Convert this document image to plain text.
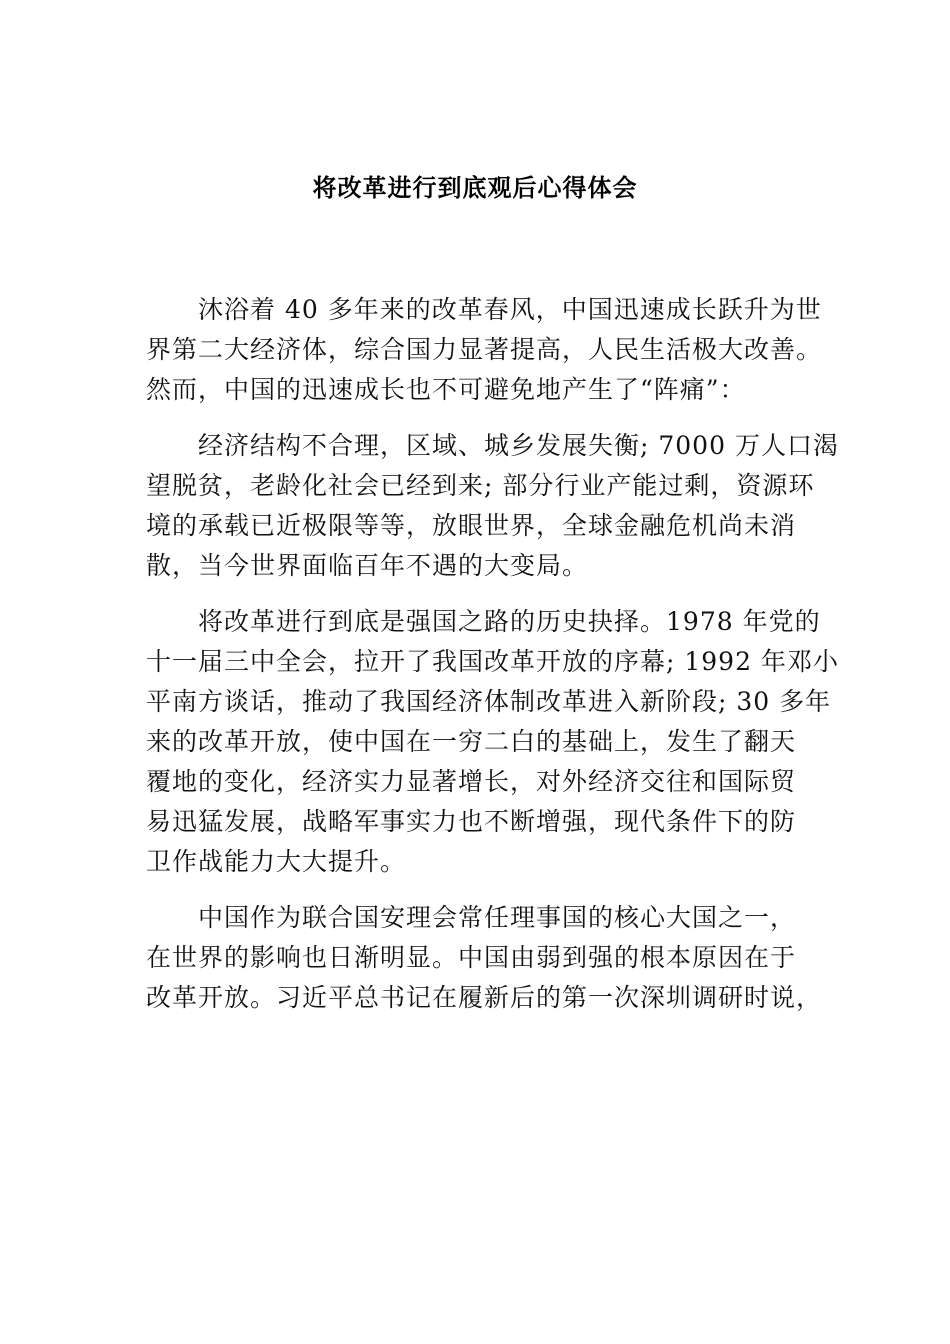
将改革进行到底观后心得体会
沐浴着 40 多年来的改革春风，中国迅速成长跃升为世
界第二大经济体，综合国力显著提高，人民生活极大改善。
然而，中国的迅速成长也不可避免地产生了“阵痛”：
经济结构不合理，区域、城乡发展失衡; 7000 万人口渴
望脱贫，老龄化社会已经到来; 部分行业产能过剩，资源环
境的承载已近极限等等，放眼世界，全球金融危机尚未消
散，当今世界面临百年不遇的大变局。
将改革进行到底是强国之路的历史抉择。1978 年党的
十一届三中全会，拉开了我国改革开放的序幕; 1992 年邓小
平南方谈话，推动了我国经济体制改革进入新阶段; 30 多年
来的改革开放，使中国在一穷二白的基础上，发生了翻天
覆地的变化，经济实力显著增长，对外经济交往和国际贸
易迅猛发展，战略军事实力也不断增强，现代条件下的防
卫作战能力大大提升。
中国作为联合国安理会常任理事国的核心大国之一，
在世界的影响也日渐明显。中国由弱到强的根本原因在于
改革开放。习近平总书记在履新后的第一次深圳调研时说，
